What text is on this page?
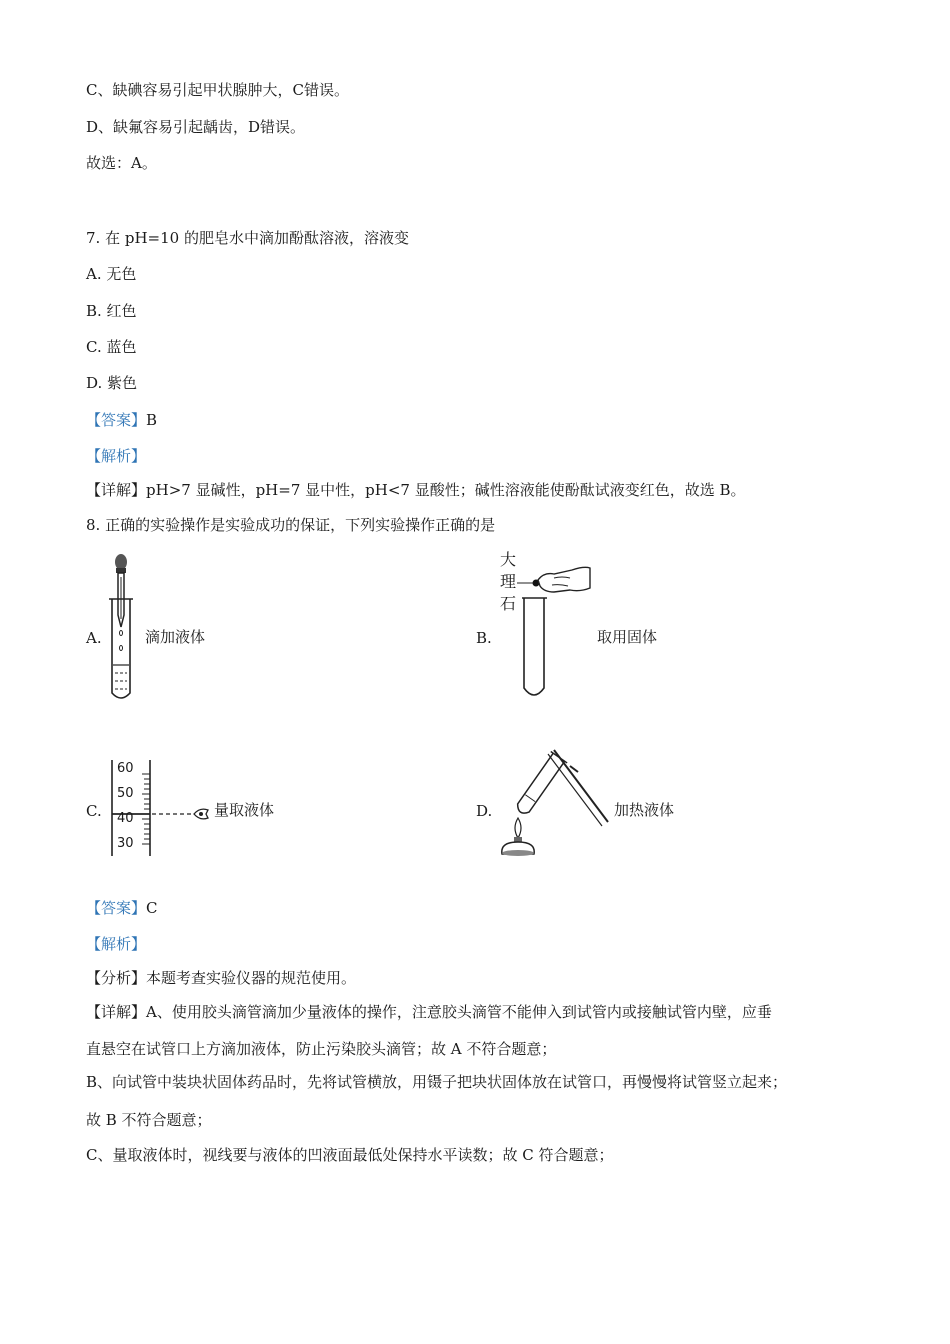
C、缺碘容易引起甲状腺肿大，C错误。
D、缺氟容易引起龋齿，D错误。
故选：A。
7. 在 pH=10 的肥皂水中滴加酚酞溶液，溶液变
A. 无色
B. 红色
C. 蓝色
D. 紫色
【答案】B
【解析】
【详解】pH>7 显碱性，pH=7 显中性，pH<7 显酸性；碱性溶液能使酚酞试液变红色，故选 B。
8. 正确的实验操作是实验成功的保证，下列实验操作正确的是
A.	滴加液体	B.
大理石
取用固体
C.
60
50
40
30
量取液体	D.	加热液体
【答案】C
【解析】
【分析】本题考查实验仪器的规范使用。
【详解】A、使用胶头滴管滴加少量液体的操作，注意胶头滴管不能伸入到试管内或接触试管内壁，应垂
直悬空在试管口上方滴加液体，防止污染胶头滴管；故 A 不符合题意；
B、向试管中装块状固体药品时，先将试管横放，用镊子把块状固体放在试管口，再慢慢将试管竖立起来；
故 B 不符合题意；
C、量取液体时，视线要与液体的凹液面最低处保持水平读数；故 C 符合题意；
